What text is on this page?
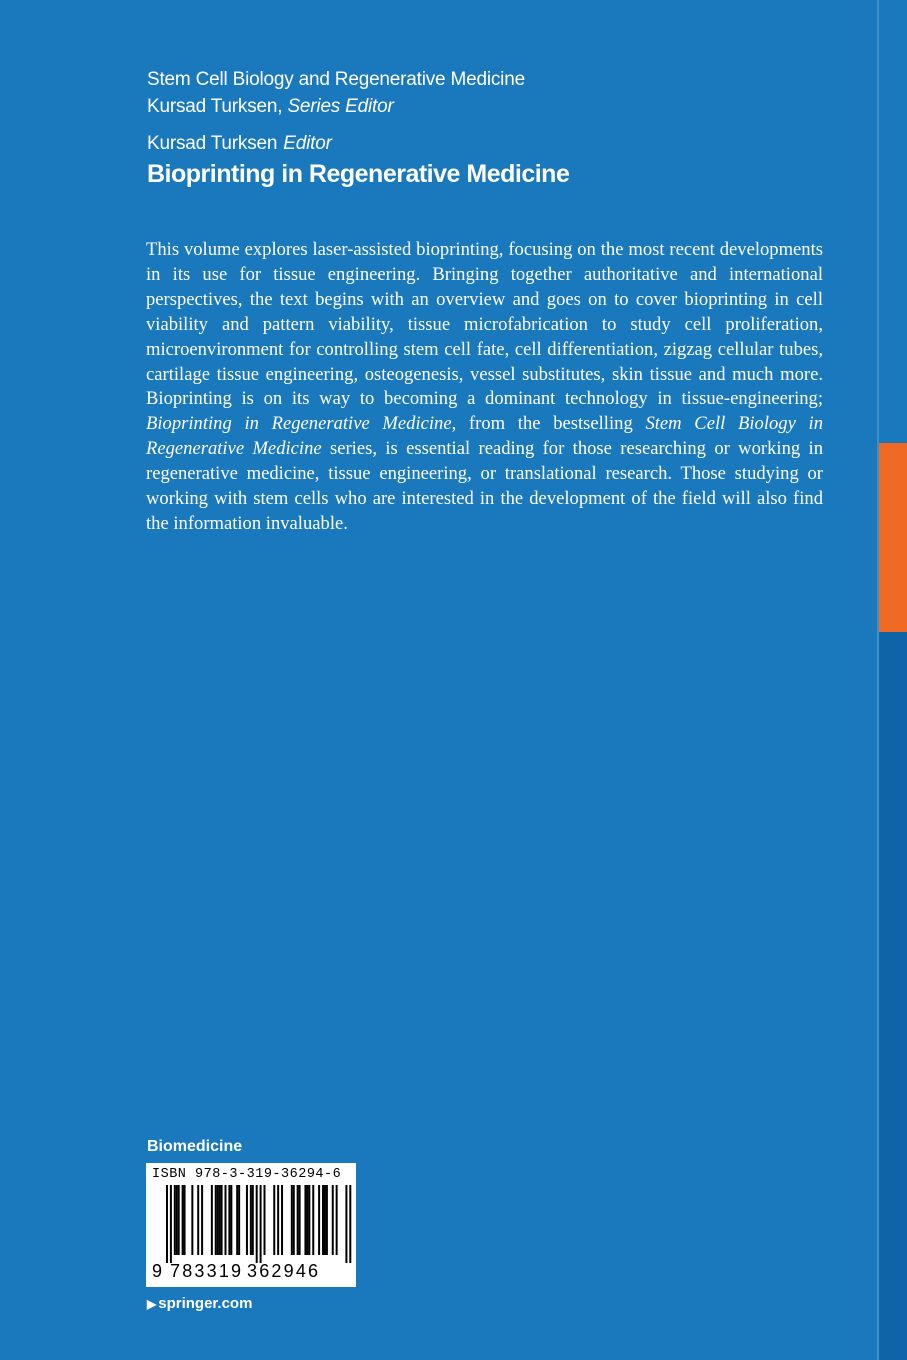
Stem Cell Biology and Regenerative Medicine
Kursad Turksen, Series Editor
Kursad Turksen Editor
Bioprinting in Regenerative Medicine

This volume explores laser-assisted bioprinting, focusing on the most recent developments in its use for tissue engineering. Bringing together authoritative and international perspectives, the text begins with an overview and goes on to cover bioprinting in cell viability and pattern viability, tissue microfabrication to study cell proliferation, microenvironment for controlling stem cell fate, cell differentiation, zigzag cellular tubes, cartilage tissue engineering, osteogenesis, vessel substitutes, skin tissue and much more. Bioprinting is on its way to becoming a dominant technology in tissue-engineering; Bioprinting in Regenerative Medicine, from the bestselling Stem Cell Biology in Regenerative Medicine series, is essential reading for those researching or working in regenerative medicine, tissue engineering, or translational research. Those studying or working with stem cells who are interested in the development of the field will also find the information invaluable.

Biomedicine
ISBN 978-3-319-36294-6
9 783319 362946
▶ springer.com
